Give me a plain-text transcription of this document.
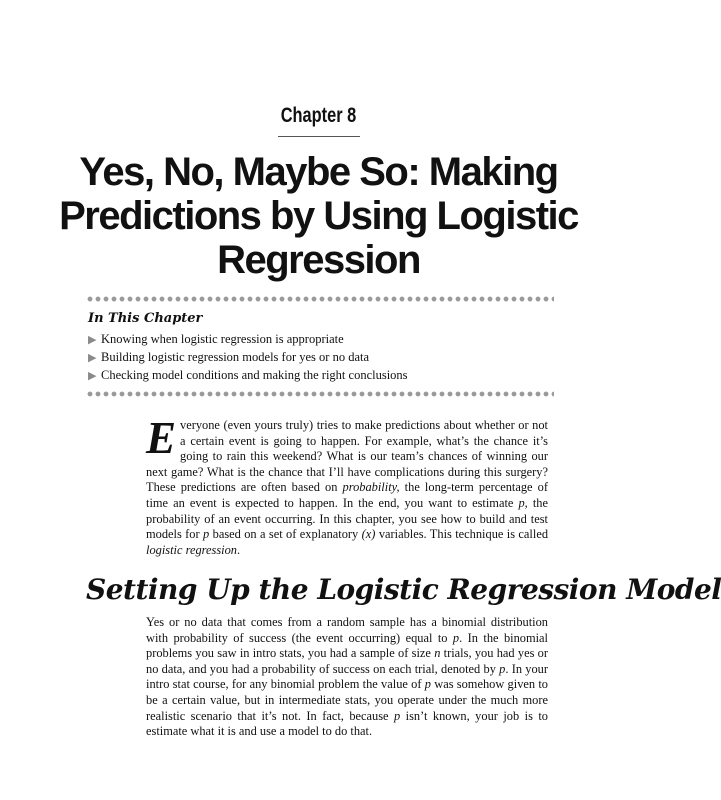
Chapter 8
Yes, No, Maybe So: Making
Predictions by Using Logistic
Regression
In This Chapter
▶ Knowing when logistic regression is appropriate
▶ Building logistic regression models for yes or no data
▶ Checking model conditions and making the right conclusions

Everyone (even yours truly) tries to make predictions about whether or not a certain event is going to happen. For example, what’s the chance it’s going to rain this weekend? What is our team’s chances of winning our next game? What is the chance that I’ll have complications during this surgery? These predictions are often based on probability, the long-term percentage of time an event is expected to happen. In the end, you want to estimate p, the probability of an event occurring. In this chapter, you see how to build and test models for p based on a set of explanatory (x) variables. This technique is called logistic regression.

Setting Up the Logistic Regression Model

Yes or no data that comes from a random sample has a binomial distribution with probability of success (the event occurring) equal to p. In the binomial problems you saw in intro stats, you had a sample of size n trials, you had yes or no data, and you had a probability of success on each trial, denoted by p. In your intro stat course, for any binomial problem the value of p was somehow given to be a certain value, but in intermediate stats, you operate under the much more realistic scenario that it’s not. In fact, because p isn’t known, your job is to estimate what it is and use a model to do that.
